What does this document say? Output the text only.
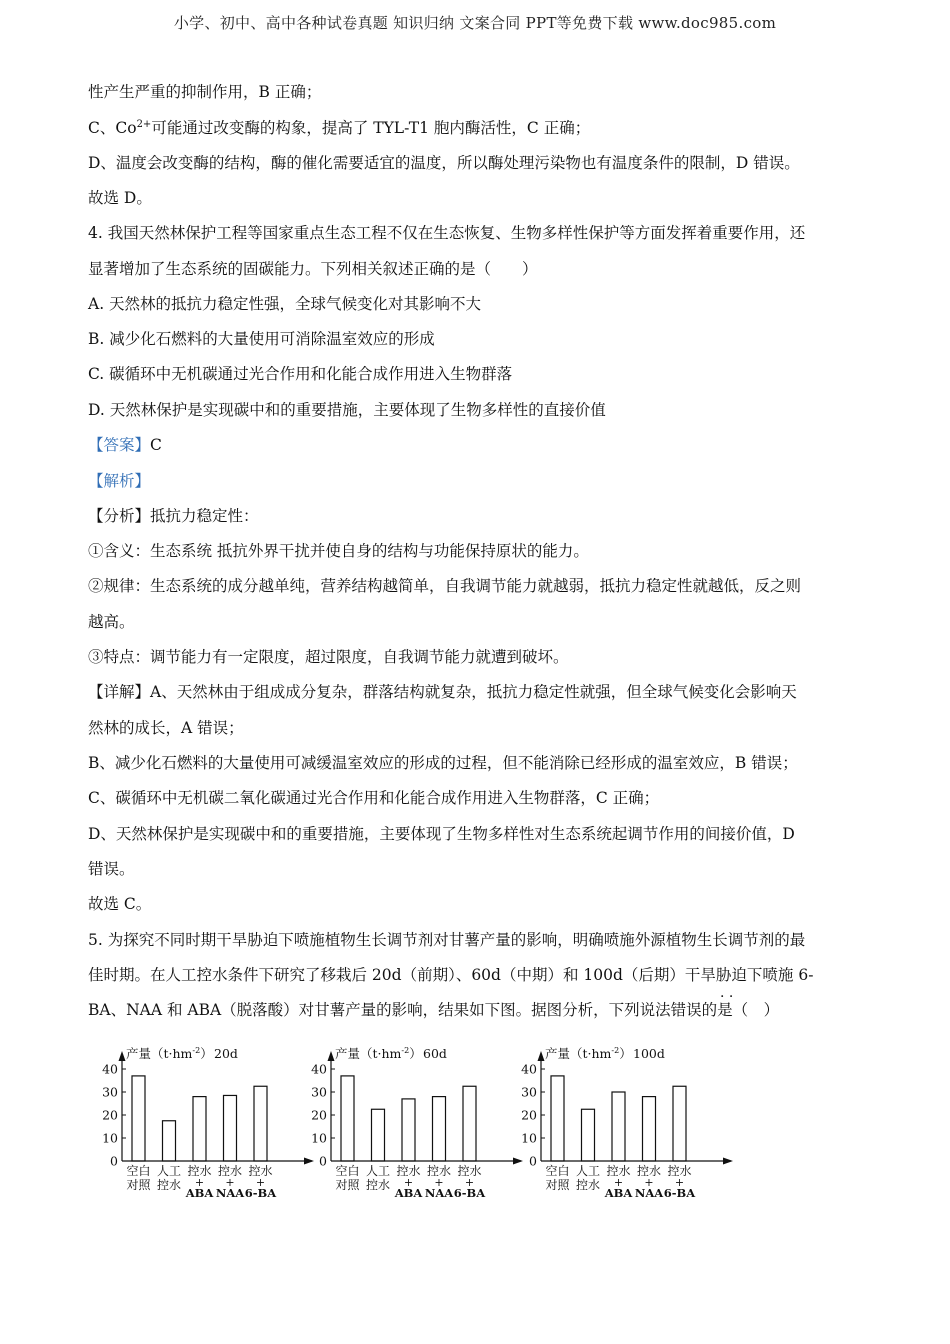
小学、初中、高中各种试卷真题 知识归纳 文案合同 PPT等免费下载 www.doc985.com
性产生严重的抑制作用，B 正确；
C、$Co^{2+}$可能通过改变酶的构象，提高了 TYL-T1 胞内酶活性，C 正确；
D、温度会改变酶的结构，酶的催化需要适宜的温度，所以酶处理污染物也有温度条件的限制，D 错误。
故选 D。
4. 我国天然林保护工程等国家重点生态工程不仅在生态恢复、生物多样性保护等方面发挥着重要作用，还
显著增加了生态系统的固碳能力。下列相关叙述正确的是（　　）
A. 天然林的抵抗力稳定性强，全球气候变化对其影响不大
B. 减少化石燃料的大量使用可消除温室效应的形成
C. 碳循环中无机碳通过光合作用和化能合成作用进入生物群落
D. 天然林保护是实现碳中和的重要措施，主要体现了生物多样性的直接价值
【答案】C
【解析】
【分析】抵抗力稳定性：
①含义：生态系统 抵抗外界干扰并使自身的结构与功能保持原状的能力。
②规律：生态系统的成分越单纯，营养结构越简单，自我调节能力就越弱，抵抗力稳定性就越低，反之则
越高。
③特点：调节能力有一定限度，超过限度，自我调节能力就遭到破坏。
【详解】A、天然林由于组成成分复杂，群落结构就复杂，抵抗力稳定性就强，但全球气候变化会影响天
然林的成长，A 错误；
B、减少化石燃料的大量使用可减缓温室效应的形成的过程，但不能消除已经形成的温室效应，B 错误；
C、碳循环中无机碳二氧化碳通过光合作用和化能合成作用进入生物群落，C 正确；
D、天然林保护是实现碳中和的重要措施，主要体现了生物多样性对生态系统起调节作用的间接价值，D
错误。
故选 C。
5. 为探究不同时期干旱胁迫下喷施植物生长调节剂对甘薯产量的影响，明确喷施外源植物生长调节剂的最
佳时期。在人工控水条件下研究了移栽后 20d（前期）、60d（中期）和 100d（后期）干旱胁迫下喷施 6-
BA、NAA 和 ABA（脱落酸）对甘薯产量的影响，结果如下图。据图分析，下列说法错误的是（　）
· ·
产量$(t\cdot hm^{-2})$ 20d
0
10
20
30
40
空白
对照
人工
控水
控水
+
ABA
控水
+
NAA
控水
+
6-BA
产量$(t\cdot hm^{-2})$ 60d
0
10
20
30
40
空白
对照
人工
控水
控水
+
ABA
控水
+
NAA
控水
+
6-BA
产量$(t\cdot hm^{-2})$ 100d
0
10
20
30
40
空白
对照
人工
控水
控水
+
ABA
控水
+
NAA
控水
+
6-BA
